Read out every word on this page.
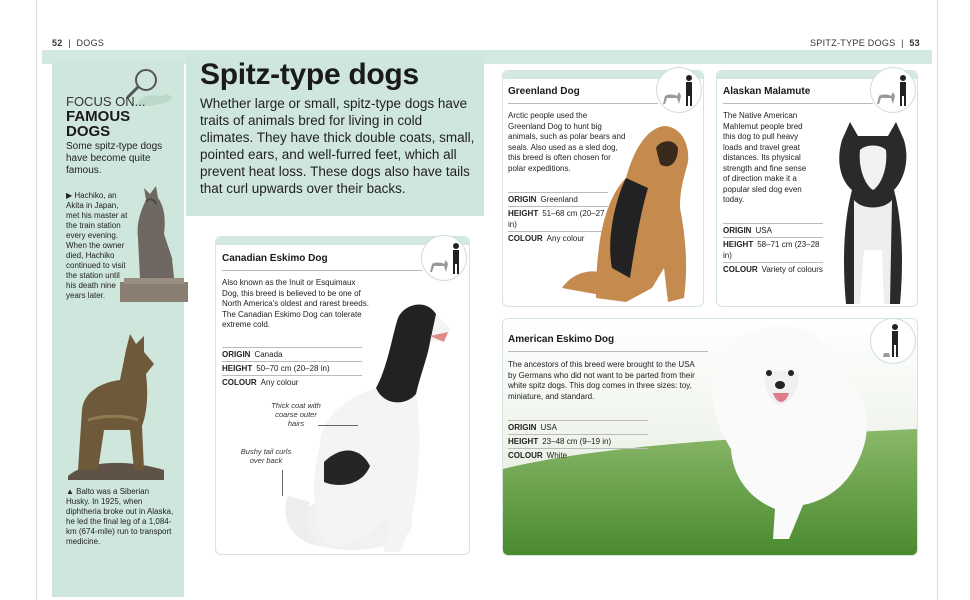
52  |  DOGS	SPITZ-TYPE DOGS  |  53
FOCUS ON...
FAMOUS
DOGS
Some spitz-type dogs have become quite famous.
▶ Hachiko, an Akita in Japan, met his master at the train station every evening. When the owner died, Hachiko continued to visit the station until his death nine years later.
▲ Balto was a Siberian Husky. In 1925, when diphtheria broke out in Alaska, he led the final leg of a 1,084-km (674-mile) run to transport medicine.
Spitz-type dogs
Whether large or small, spitz-type dogs have traits of animals bred for living in cold climates. They have thick double coats, small, pointed ears, and well-furred feet, which all prevent heat loss. These dogs also have tails that curl upwards over their backs.
Canadian Eskimo Dog
Also known as the Inuit or Esquimaux Dog, this breed is believed to be one of North America's oldest and rarest breeds. The Canadian Eskimo Dog can tolerate extreme cold.
ORIGIN Canada
HEIGHT 50–70 cm (20–28 in)
COLOUR Any colour
Thick coat with coarse outer hairs
Bushy tail curls over back
Greenland Dog
Arctic people used the Greenland Dog to hunt big animals, such as polar bears and seals. Also used as a sled dog, this breed is often chosen for polar expeditions.
ORIGIN Greenland
HEIGHT 51–68 cm (20–27 in)
COLOUR Any colour
Alaskan Malamute
The Native American Mahlemut people bred this dog to pull heavy loads and travel great distances. Its physical strength and fine sense of direction make it a popular sled dog even today.
ORIGIN USA
HEIGHT 58–71 cm (23–28 in)
COLOUR Variety of colours
American Eskimo Dog
The ancestors of this breed were brought to the USA by Germans who did not want to be parted from their white spitz dogs. This dog comes in three sizes: toy, miniature, and standard.
ORIGIN USA
HEIGHT 23–48 cm (9–19 in)
COLOUR White
